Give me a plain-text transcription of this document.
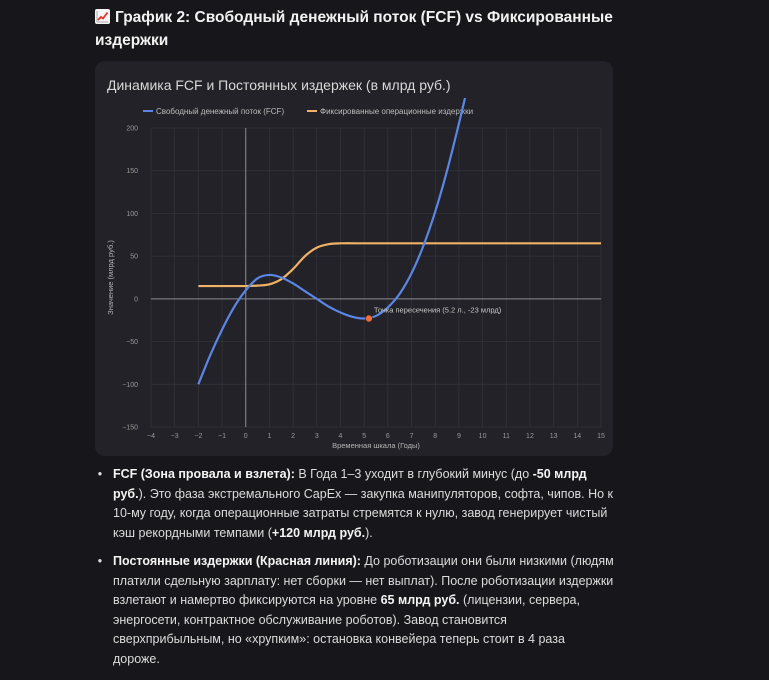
График 2: Свободный денежный поток (FCF) vs Фиксированные издержки
Динамика FCF и Постоянных издержек (в млрд руб.)
Свободный денежный поток (FCF)	Фиксированные операционные издержки
−4 −3 −2 −1	0	1	2	3	4	5	6	7	8	9	10 11 12 13 14 15
−150
−100
−50
0
50
100
150
200
Временная шкала (Годы)
Значение (млрд руб.)	Точка пересечения (5.2 л., -23 млрд)
• FCF (Зона провала и взлета): В Года 1–3 уходит в глубокий минус (до -50 млрд руб.). Это фаза экстремального CapEx — закупка манипуляторов, софта, чипов. Но к 10-му году, когда операционные затраты стремятся к нулю, завод генерирует чистый кэш рекордными темпами (+120 млрд руб.).
• Постоянные издержки (Красная линия): До роботизации они были низкими (людям платили сдельную зарплату: нет сборки — нет выплат). После роботизации издержки взлетают и намертво фиксируются на уровне 65 млрд руб. (лицензии, сервера, энергосети, контрактное обслуживание роботов). Завод становится сверхприбыльным, но «хрупким»: остановка конвейера теперь стоит в 4 раза дороже.
